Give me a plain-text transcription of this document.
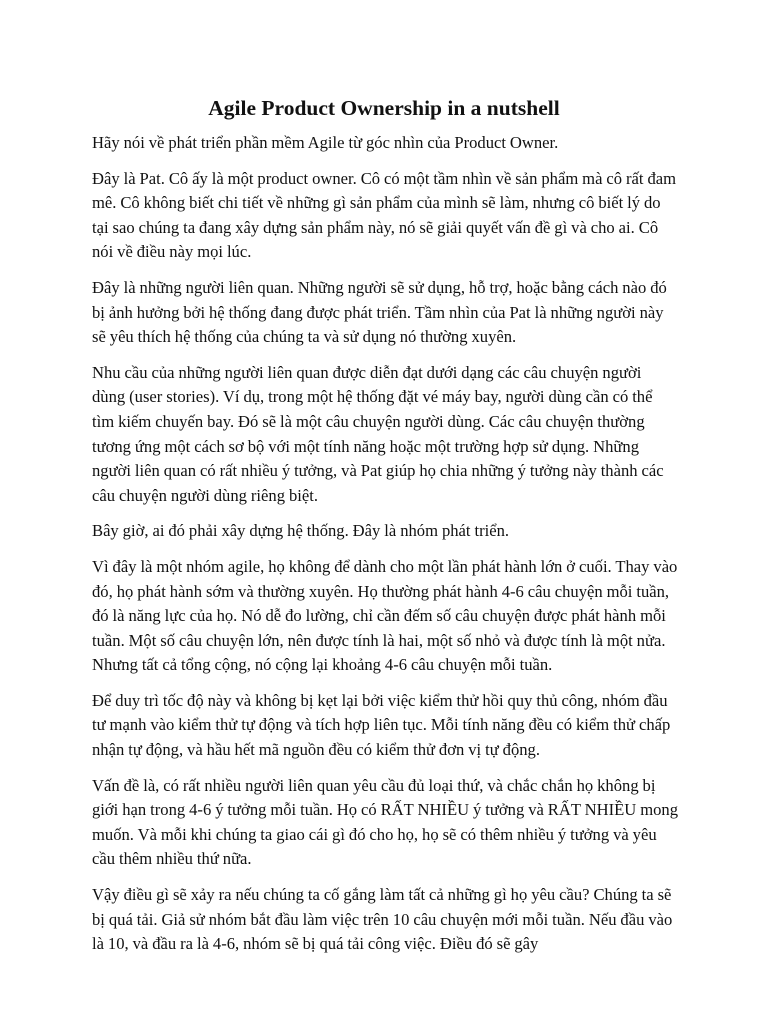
Agile Product Ownership in a nutshell

Hãy nói về phát triển phần mềm Agile từ góc nhìn của Product Owner.

Đây là Pat. Cô ấy là một product owner. Cô có một tầm nhìn về sản phẩm mà cô rất đam mê. Cô không biết chi tiết về những gì sản phẩm của mình sẽ làm, nhưng cô biết lý do tại sao chúng ta đang xây dựng sản phẩm này, nó sẽ giải quyết vấn đề gì và cho ai. Cô nói về điều này mọi lúc.

Đây là những người liên quan. Những người sẽ sử dụng, hỗ trợ, hoặc bằng cách nào đó bị ảnh hưởng bởi hệ thống đang được phát triển. Tầm nhìn của Pat là những người này sẽ yêu thích hệ thống của chúng ta và sử dụng nó thường xuyên.

Nhu cầu của những người liên quan được diễn đạt dưới dạng các câu chuyện người dùng (user stories). Ví dụ, trong một hệ thống đặt vé máy bay, người dùng cần có thể tìm kiếm chuyến bay. Đó sẽ là một câu chuyện người dùng. Các câu chuyện thường tương ứng một cách sơ bộ với một tính năng hoặc một trường hợp sử dụng. Những người liên quan có rất nhiều ý tưởng, và Pat giúp họ chia những ý tưởng này thành các câu chuyện người dùng riêng biệt.

Bây giờ, ai đó phải xây dựng hệ thống. Đây là nhóm phát triển.

Vì đây là một nhóm agile, họ không để dành cho một lần phát hành lớn ở cuối. Thay vào đó, họ phát hành sớm và thường xuyên. Họ thường phát hành 4-6 câu chuyện mỗi tuần, đó là năng lực của họ. Nó dễ đo lường, chỉ cần đếm số câu chuyện được phát hành mỗi tuần. Một số câu chuyện lớn, nên được tính là hai, một số nhỏ và được tính là một nửa. Nhưng tất cả tổng cộng, nó cộng lại khoảng 4-6 câu chuyện mỗi tuần.

Để duy trì tốc độ này và không bị kẹt lại bởi việc kiểm thử hồi quy thủ công, nhóm đầu tư mạnh vào kiểm thử tự động và tích hợp liên tục. Mỗi tính năng đều có kiểm thử chấp nhận tự động, và hầu hết mã nguồn đều có kiểm thử đơn vị tự động.

Vấn đề là, có rất nhiều người liên quan yêu cầu đủ loại thứ, và chắc chắn họ không bị giới hạn trong 4-6 ý tưởng mỗi tuần. Họ có RẤT NHIỀU ý tưởng và RẤT NHIỀU mong muốn. Và mỗi khi chúng ta giao cái gì đó cho họ, họ sẽ có thêm nhiều ý tưởng và yêu cầu thêm nhiều thứ nữa.

Vậy điều gì sẽ xảy ra nếu chúng ta cố gắng làm tất cả những gì họ yêu cầu? Chúng ta sẽ bị quá tải. Giả sử nhóm bắt đầu làm việc trên 10 câu chuyện mới mỗi tuần. Nếu đầu vào là 10, và đầu ra là 4-6, nhóm sẽ bị quá tải công việc. Điều đó sẽ gây
